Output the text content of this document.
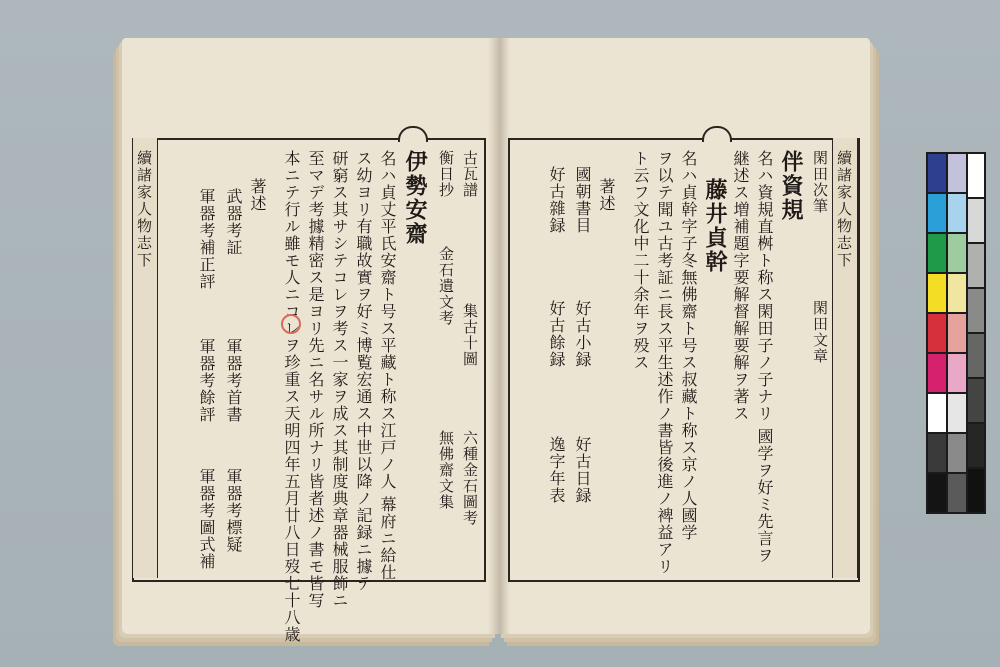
續諸家人物志下	續諸家人物志下
古瓦譜
集古十圖
六種金石圖考
衡日抄
金石遺文考
無佛齋文集
伊勢安齋
名ハ貞丈平氏安齋ト号ス平藏ト称ス江戸ノ人 幕府ニ給仕
ス幼ヨリ有職故實ヲ好ミ博覧宏通ス中世以降ノ記録ニ據テ
研窮ス其サシテコレヲ考ス一家ヲ成ス其制度典章器械服飾ニ
至マデ考據精密ス是ヨリ先ニ名サル所ナリ皆者述ノ書モ皆写
本ニテ行ル雖モ人ニコレヲ珍重ス天明四年五月廿八日歿七十八歳
著述
武器考証
軍器考首書
軍器考標疑
軍器考補正評
軍器考餘評
軍器考圖式補
閑田次筆
閑田文章
伴資規
名ハ資規直桝ト称ス閑田子ノ子ナリ 國学ヲ好ミ先言ヲ
継述ス増補題字要解督解要解ヲ著ス
藤井貞幹
名ハ貞幹字子冬無佛齋ト号ス叔藏ト称ス京ノ人國学
ヲ以テ聞ユ古考証ニ長ス平生述作ノ書皆後進ノ裨益アリ
ト云フ文化中二十余年ヲ殁ス
著述
國朝書目
好古小録
好古日録
好古雜録
好古餘録
逸字年表
